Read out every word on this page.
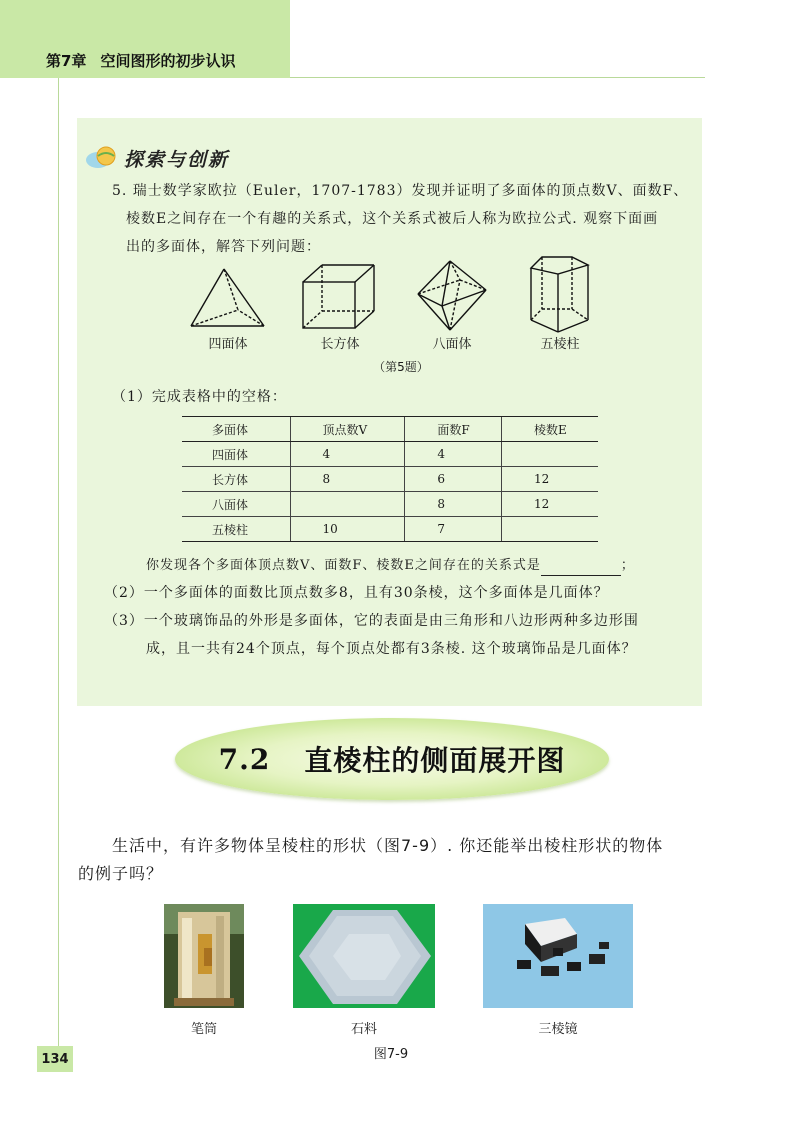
第7章 空间图形的初步认识
探索与创新
5. 瑞士数学家欧拉（Euler，1707-1783）发现并证明了多面体的顶点数V、面数F、
棱数E之间存在一个有趣的关系式，这个关系式被后人称为欧拉公式. 观察下面画
出的多面体，解答下列问题：
四面体	长方体	八面体	五棱柱
（第5题）
（1）完成表格中的空格：
多面体	顶点数V	面数F	棱数E
四面体	4	4	
长方体	8	6	12
八面体		8	12
五棱柱	10	7	
你发现各个多面体顶点数V、面数F、棱数E之间存在的关系式是	；
（2）一个多面体的面数比顶点数多8，且有30条棱，这个多面体是几面体？
（3）一个玻璃饰品的外形是多面体，它的表面是由三角形和八边形两种多边形围
成，且一共有24个顶点，每个顶点处都有3条棱. 这个玻璃饰品是几面体？
7.2 直棱柱的侧面展开图
生活中，有许多物体呈棱柱的形状（图7-9）. 你还能举出棱柱形状的物体
的例子吗？
笔筒	石料	三棱镜
图7-9
134
